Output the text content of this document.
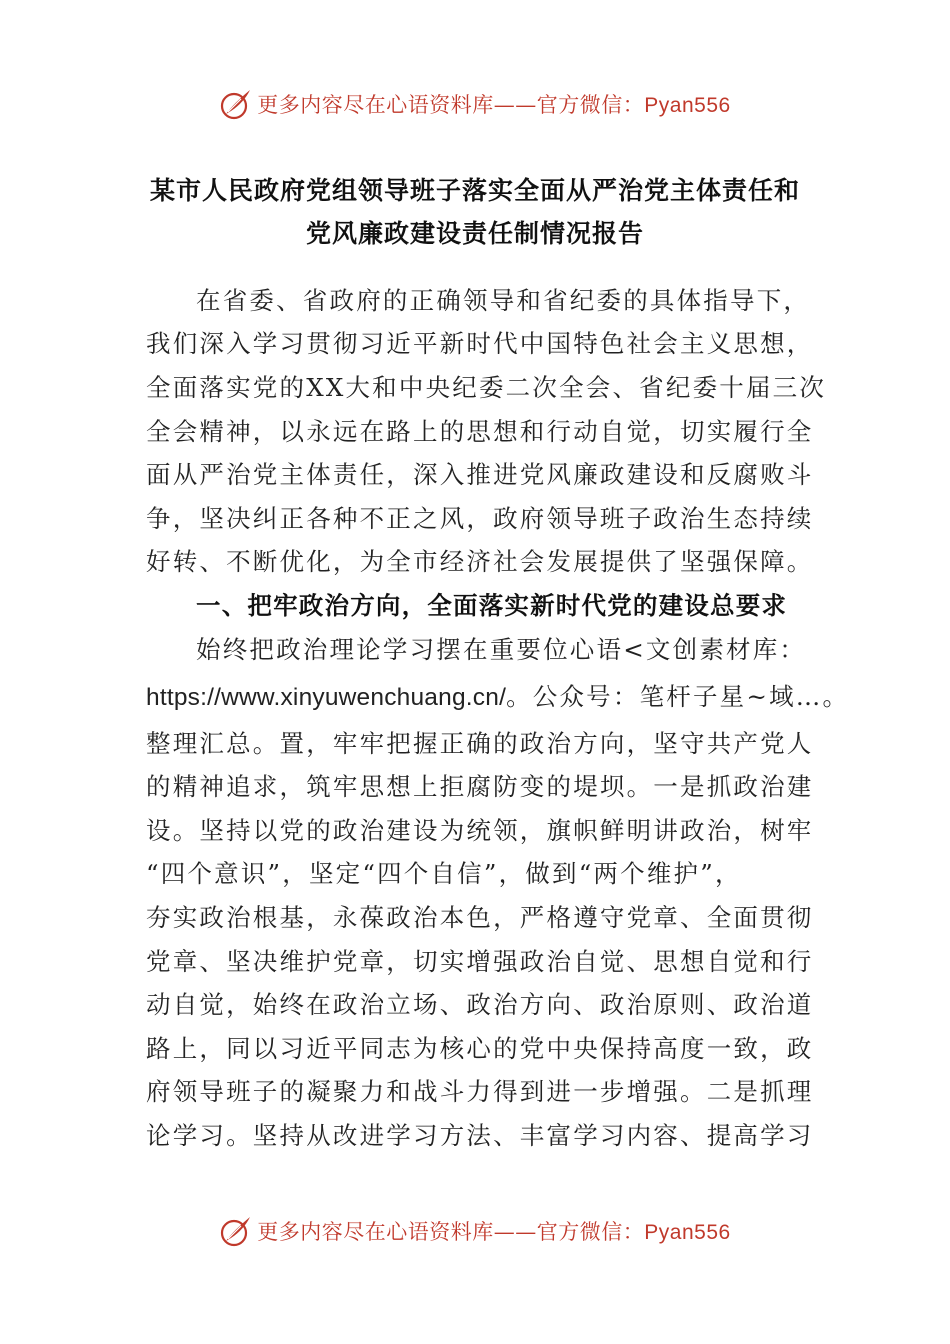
更多内容尽在心语资料库——官方微信：Pyan556
某市人民政府党组领导班子落实全面从严治党主体责任和
党风廉政建设责任制情况报告
在省委、省政府的正确领导和省纪委的具体指导下，
我们深入学习贯彻习近平新时代中国特色社会主义思想，
全面落实党的XX大和中央纪委二次全会、省纪委十届三次
全会精神，以永远在路上的思想和行动自觉，切实履行全
面从严治党主体责任，深入推进党风廉政建设和反腐败斗
争，坚决纠正各种不正之风，政府领导班子政治生态持续
好转、不断优化，为全市经济社会发展提供了坚强保障。
一、把牢政治方向，全面落实新时代党的建设总要求
始终把政治理论学习摆在重要位心语<文创素材库：
https://www.xinyuwenchuang.cn/。公众号：笔杆子星~域…。
整理汇总。置，牢牢把握正确的政治方向，坚守共产党人
的精神追求，筑牢思想上拒腐防变的堤坝。一是抓政治建
设。坚持以党的政治建设为统领，旗帜鲜明讲政治，树牢
“四个意识”，坚定“四个自信”，做到“两个维护”，
夯实政治根基，永葆政治本色，严格遵守党章、全面贯彻
党章、坚决维护党章，切实增强政治自觉、思想自觉和行
动自觉，始终在政治立场、政治方向、政治原则、政治道
路上，同以习近平同志为核心的党中央保持高度一致，政
府领导班子的凝聚力和战斗力得到进一步增强。二是抓理
论学习。坚持从改进学习方法、丰富学习内容、提高学习
更多内容尽在心语资料库——官方微信：Pyan556
